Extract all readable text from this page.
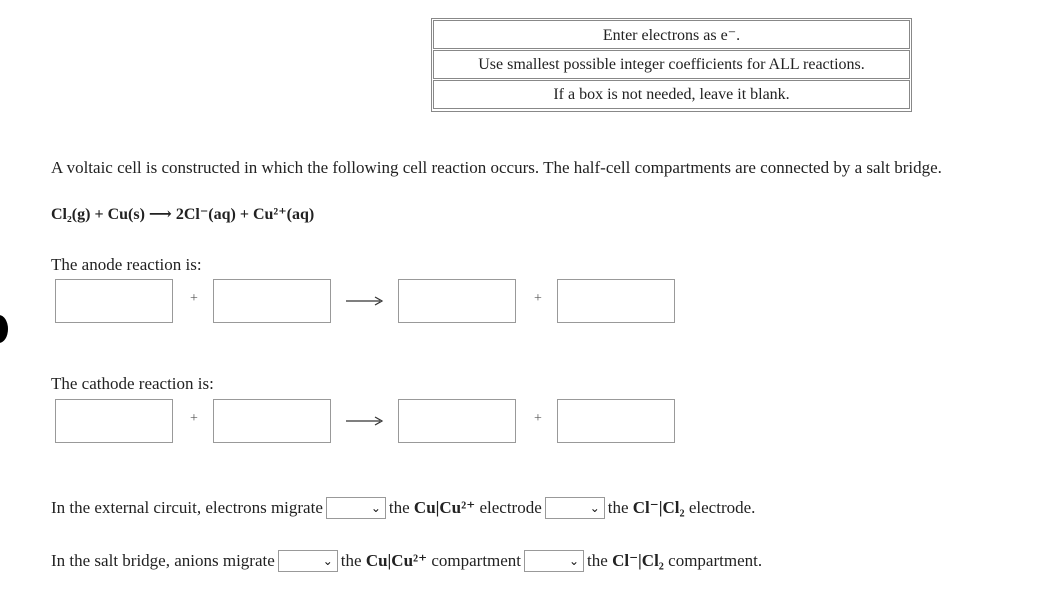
Enter electrons as e⁻.
Use smallest possible integer coefficients for ALL reactions.
If a box is not needed, leave it blank.
A voltaic cell is constructed in which the following cell reaction occurs. The half-cell compartments are connected by a salt bridge.
Cl₂(g) + Cu(s) ⟶ 2Cl⁻(aq) + Cu²⁺(aq)
The anode reaction is:
+	+
The cathode reaction is:
+	+
In the external circuit, electrons migrate	⌄ the
Cu|Cu²⁺
electrode	⌄ the
Cl⁻|Cl₂
electrode.
In the salt bridge, anions migrate	⌄ the
Cu|Cu²⁺
compartment	⌄ the
Cl⁻|Cl₂
compartment.
